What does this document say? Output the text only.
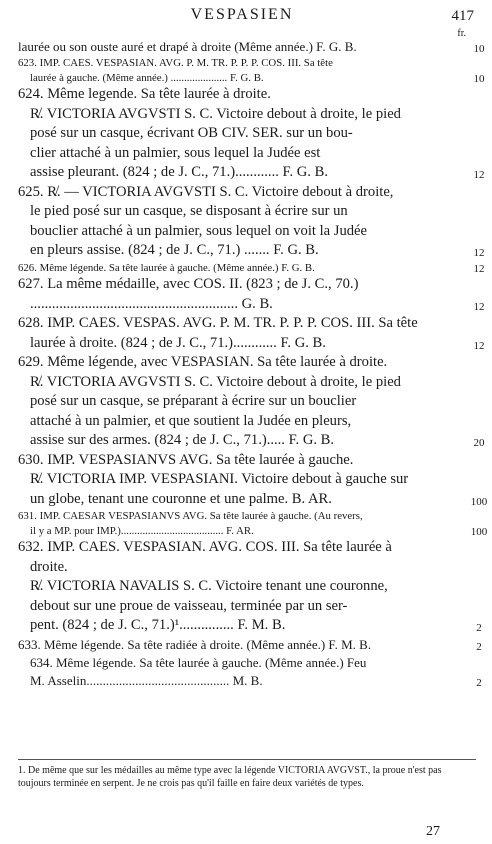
VESPASIEN	417
fr.
laurée ou son ouste auré et drapé à droite (Même année.) F. G. B.	10
623. IMP. CAES. VESPASIAN. AVG. P. M. TR. P. P. P. COS. III. Sa tête
laurée à gauche. (Même année.) ..................... F. G. B.	10
624. Même legende. Sa tête laurée à droite.
R̸. VICTORIA AVGVSTI S. C. Victoire debout à droite, le pied
posé sur un casque, écrivant OB CIV. SER. sur un bou-
clier attaché à un palmier, sous lequel la Judée est
assise pleurant. (824 ; de J. C., 71.)............ F. G. B.	12
625. R̸. — VICTORIA AVGVSTI S. C. Victoire debout à droite,
le pied posé sur un casque, se disposant à écrire sur un
bouclier attaché à un palmier, sous lequel on voit la Judée
en pleurs assise. (824 ; de J. C., 71.) ....... F. G. B.	12
626. Même légende. Sa tête laurée à gauche. (Même année.) F. G. B.	12
627. La même médaille, avec COS. II. (823 ; de J. C., 70.)
......................................................... G. B.	12
628. IMP. CAES. VESPAS. AVG. P. M. TR. P. P. P. COS. III. Sa tête
laurée à droite. (824 ; de J. C., 71.)............ F. G. B.	12
629. Même légende, avec VESPASIAN. Sa tête laurée à droite.
R̸. VICTORIA AVGVSTI S. C. Victoire debout à droite, le pied
posé sur un casque, se préparant à écrire sur un bouclier
attaché à un palmier, et que soutient la Judée en pleurs,
assise sur des armes. (824 ; de J. C., 71.)..... F. G. B.	20
630. IMP. VESPASIANVS AVG. Sa tête laurée à gauche.
R̸. VICTORIA IMP. VESPASIANI. Victoire debout à gauche sur
un globe, tenant une couronne et une palme. B. AR.	100
631. IMP. CAESAR VESPASIANVS AVG. Sa tête laurée à gauche. (Au revers,
il y a MP. pour IMP.)...................................... F. AR.	100
632. IMP. CAES. VESPASIAN. AVG. COS. III. Sa tête laurée à
droite.
R̸. VICTORIA NAVALIS S. C. Victoire tenant une couronne,
debout sur une proue de vaisseau, terminée par un ser-
pent. (824 ; de J. C., 71.)¹............... F. M. B.	2
633. Même légende. Sa tête radiée à droite. (Même année.) F. M. B.	2
634. Même légende. Sa tête laurée à gauche. (Même année.) Feu
M. Asselin............................................ M. B.	2
1. De même que sur les médailles au même type avec la légende VICTORIA AVGVST., la proue n'est pas toujours terminée en serpent. Je ne crois pas qu'il faille en faire deux variétés de types.
27
